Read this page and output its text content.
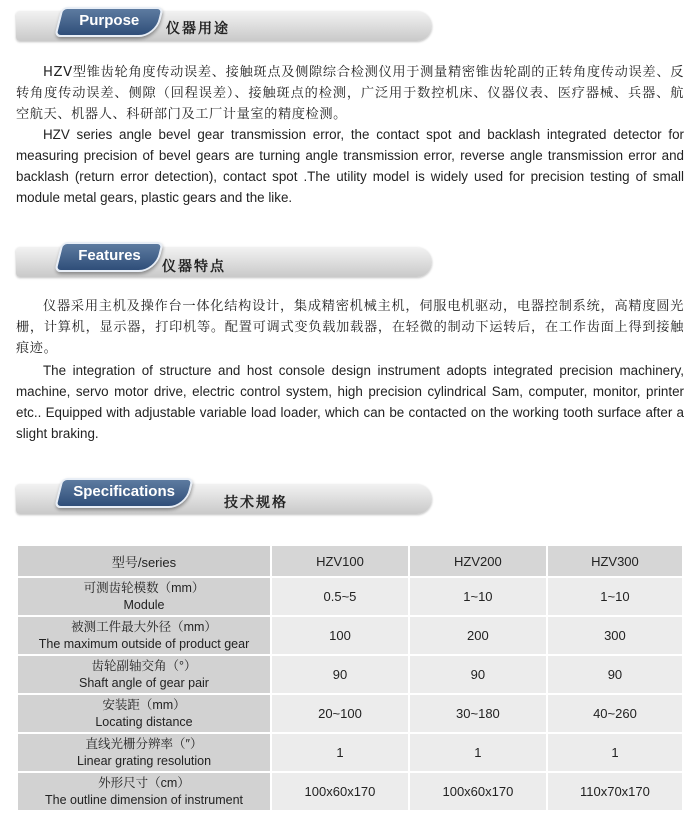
Purpose	仪器用途

HZV型锥齿轮角度传动误差、接触斑点及侧隙综合检测仪用于测量精密锥齿轮副的正转角度传动误差、反转角度传动误差、侧隙（回程误差）、接触斑点的检测，广泛用于数控机床、仪器仪表、医疗器械、兵器、航空航天、机器人、科研部门及工厂计量室的精度检测。

HZV series angle bevel gear transmission error, the contact spot and backlash integrated detector for measuring precision of bevel gears are turning angle transmission error, reverse angle transmission error and backlash (return error detection), contact spot .The utility model is widely used for precision testing of small module metal gears, plastic gears and the like.

Features
仪器特点

仪器采用主机及操作台一体化结构设计，集成精密机械主机，伺服电机驱动，电器控制系统，高精度圆光栅，计算机，显示器，打印机等。配置可调式变负载加载器，在轻微的制动下运转后，在工作齿面上得到接触痕迹。

The integration of structure and host console design instrument adopts integrated precision machinery, machine, servo motor drive, electric control system, high precision cylindrical Sam, computer, monitor, printer etc.. Equipped with adjustable variable load loader, which can be contacted on the working tooth surface after a slight braking.

Specifications
技术规格
型号/series	HZV100	HZV200	HZV300

可测齿轮模数（mm）
Module	0.5~5	1~10	1~10

被测工件最大外径（mm）
The maximum outside of product gear	100	200	300

齿轮副轴交角（°）
Shaft angle of gear pair	90	90	90

安装距（mm）
Locating distance	20~100	30~180	40~260

直线光栅分辨率（″）
Linear grating resolution	1	1	1

外形尺寸（cm）
The outline dimension of instrument	100x60x170	100x60x170	110x70x170
